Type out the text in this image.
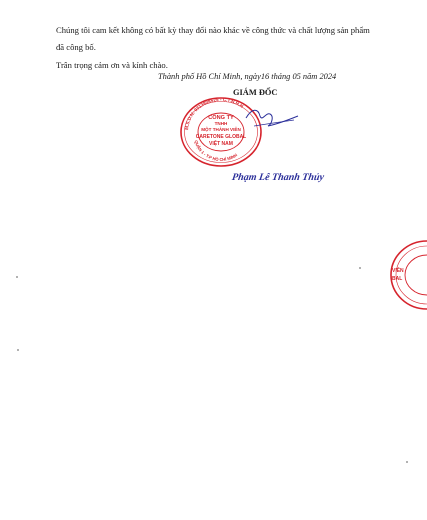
Chúng tôi cam kết không có bất kỳ thay đổi nào khác về công thức và chất lượng sản phẩm
đã công bố.
Trân trọng cảm ơn và kính chào.
Thành phố Hồ Chí Minh, ngày16 tháng 05 năm 2024
GIÁM ĐỐC
M.S.D.N: 0313808525 - C.T.N.H.H
QUẬN 1 - T.P HỒ CHÍ MINH
CÔNG TY
TNHH
MỘT THÀNH VIÊN
CARETONE GLOBAL
VIỆT NAM
Phạm Lê Thanh Thủy
VIÊN
BAL
